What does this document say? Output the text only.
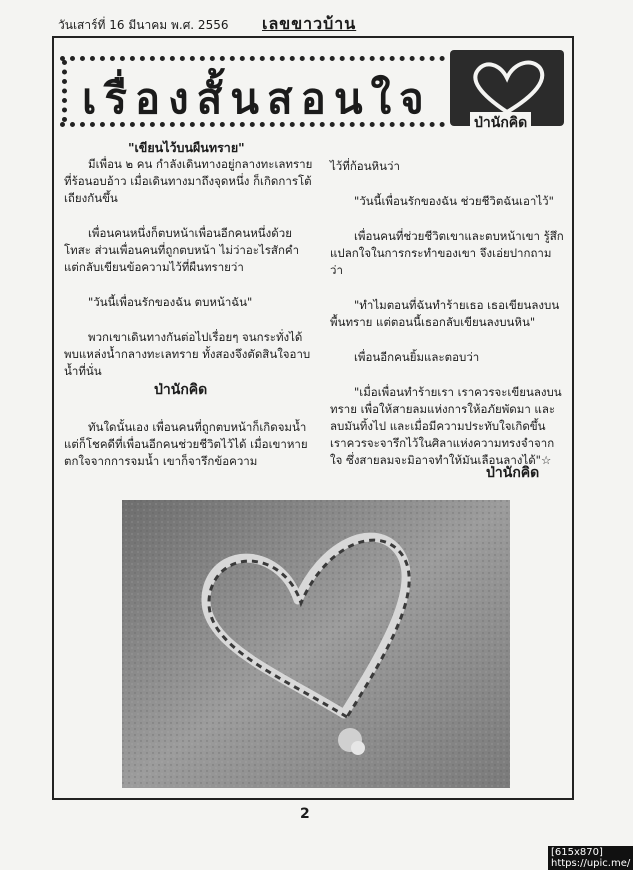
วันเสาร์ที่ 16 มีนาคม พ.ศ. 2556 เลขขาวบ้าน
เรื่องสั้นสอนใจ	ป่านักคิด
"เขียนไว้บนผืนทราย"

มีเพื่อน ๒ คน กำลังเดินทางอยู่กลางทะเลทรายที่ร้อนอบอ้าว เมื่อเดินทางมาถึงจุดหนึ่ง ก็เกิดการโต้เถียงกันขึ้น

เพื่อนคนหนึ่งก็ตบหน้าเพื่อนอีกคนหนึ่งด้วยโทสะ ส่วนเพื่อนคนที่ถูกตบหน้า ไม่ว่าอะไรสักคำ แต่กลับเขียนข้อความไว้ที่ผืนทรายว่า

"วันนี้เพื่อนรักของฉัน ตบหน้าฉัน"

พวกเขาเดินทางกันต่อไปเรื่อยๆ จนกระทั่งได้พบแหล่งน้ำกลางทะเลทราย ทั้งสองจึงตัดสินใจอาบน้ำที่นั่น

ป่านักคิด

ทันใดนั้นเอง เพื่อนคนที่ถูกตบหน้าก็เกิดจมน้ำ แต่ก็โชคดีที่เพื่อนอีกคนช่วยชีวิตไว้ได้ เมื่อเขาหายตกใจจากการจมน้ำ เขาก็จารึกข้อความ

ไว้ที่ก้อนหินว่า

"วันนี้เพื่อนรักของฉัน ช่วยชีวิตฉันเอาไว้"

เพื่อนคนที่ช่วยชีวิตเขาและตบหน้าเขา รู้สึกแปลกใจในการกระทำของเขา จึงเอ่ยปากถามว่า

"ทำไมตอนที่ฉันทำร้ายเธอ เธอเขียนลงบนพื้นทราย แต่ตอนนี้เธอกลับเขียนลงบนหิน"

เพื่อนอีกคนยิ้มและตอบว่า

"เมื่อเพื่อนทำร้ายเรา เราควรจะเขียนลงบนทราย เพื่อให้สายลมแห่งการให้อภัยพัดมา และลบมันทิ้งไป และเมื่อมีความประทับใจเกิดขึ้น เราควรจะจารึกไว้ในศิลาแห่งความทรงจำจากใจ ซึ่งสายลมจะมิอาจทำให้มันเลือนลางได้"☆

ป่านักคิด
2
[615x870] https://upic.me/
